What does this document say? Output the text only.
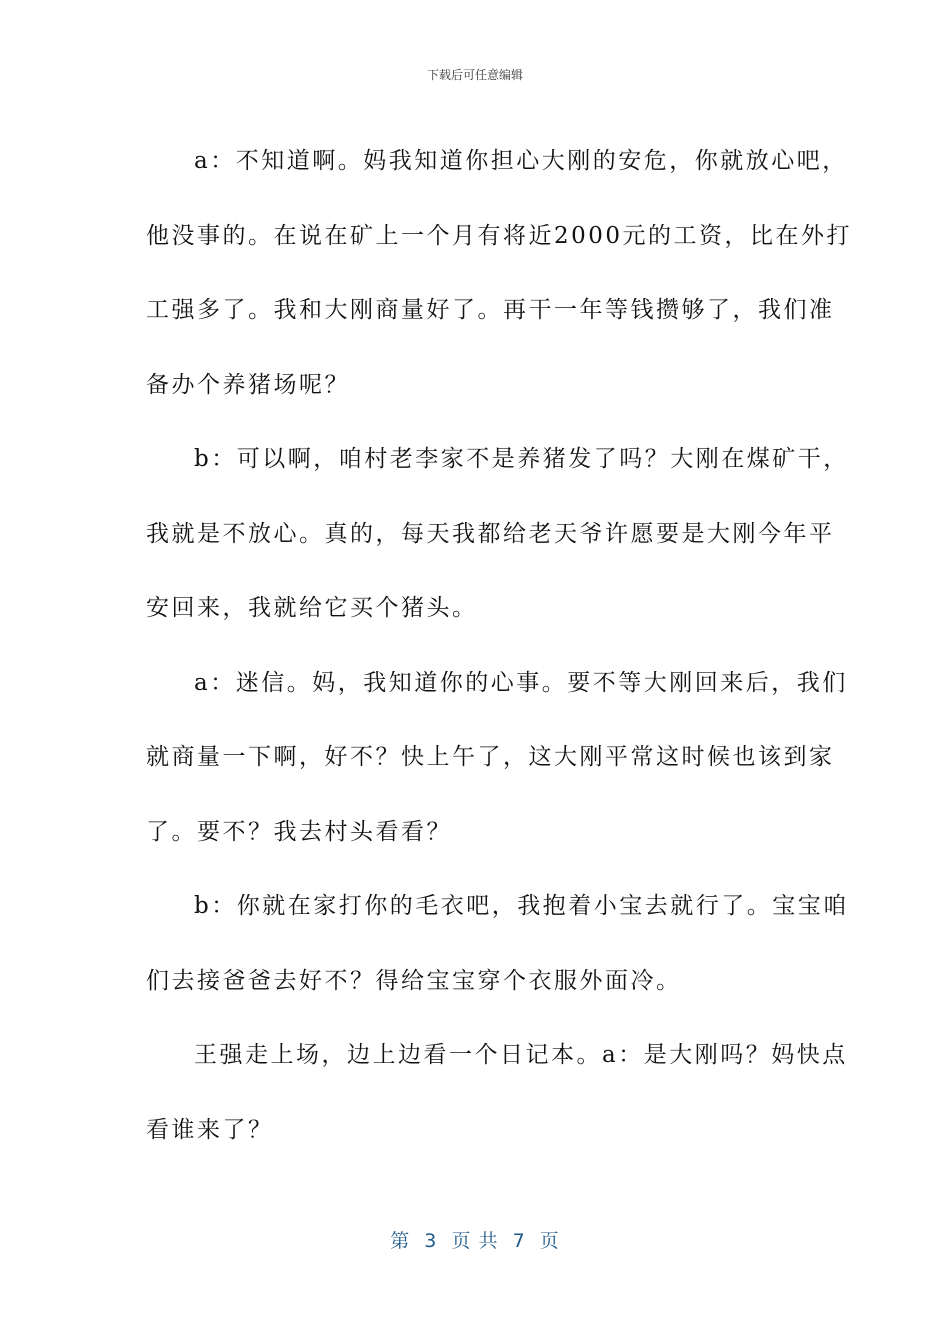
下载后可任意编辑
a：不知道啊。妈我知道你担心大刚的安危，你就放心吧，
他没事的。在说在矿上一个月有将近2000元的工资，比在外打
工强多了。我和大刚商量好了。再干一年等钱攒够了，我们准
备办个养猪场呢？
b：可以啊，咱村老李家不是养猪发了吗？大刚在煤矿干，
我就是不放心。真的，每天我都给老天爷许愿要是大刚今年平
安回来，我就给它买个猪头。
a：迷信。妈，我知道你的心事。要不等大刚回来后，我们
就商量一下啊，好不？快上午了，这大刚平常这时候也该到家
了。要不？我去村头看看？
b：你就在家打你的毛衣吧，我抱着小宝去就行了。宝宝咱
们去接爸爸去好不？得给宝宝穿个衣服外面冷。
王强走上场，边上边看一个日记本。a：是大刚吗？妈快点
看谁来了？
第  3  页 共  7  页
